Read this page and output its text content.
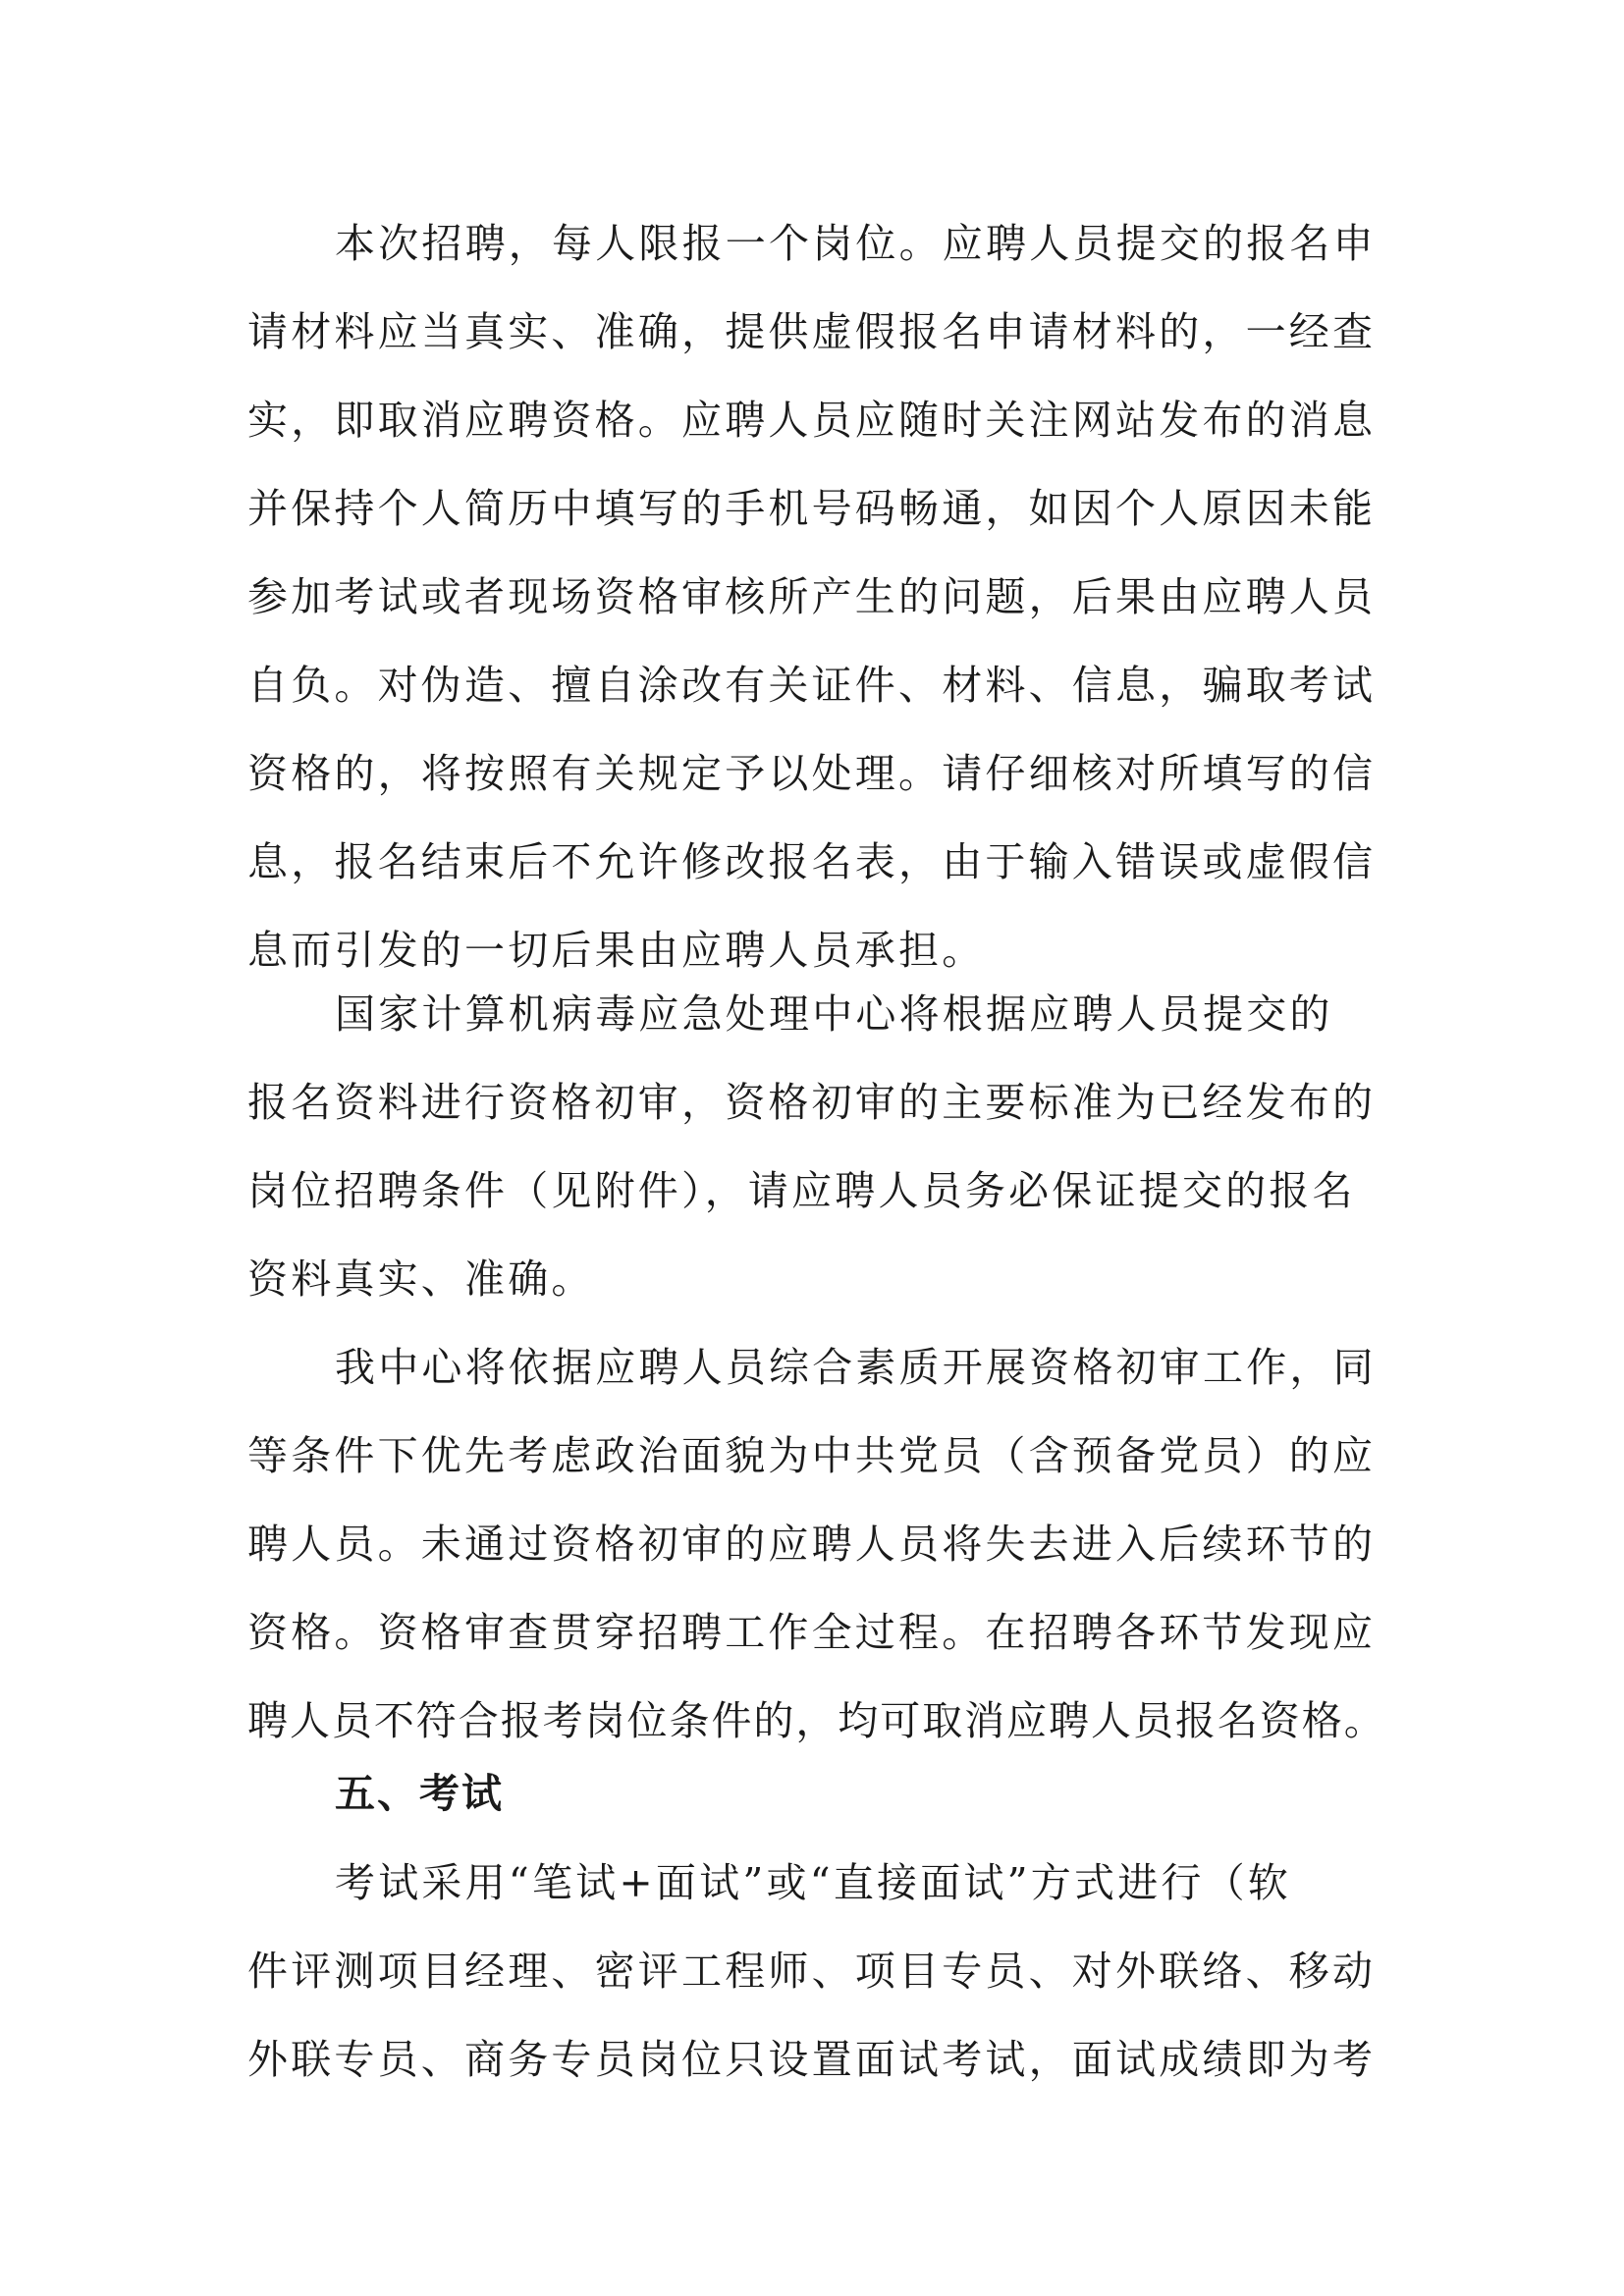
本次招聘，每人限报一个岗位。应聘人员提交的报名申
请材料应当真实、准确，提供虚假报名申请材料的，一经查
实，即取消应聘资格。应聘人员应随时关注网站发布的消息
并保持个人简历中填写的手机号码畅通，如因个人原因未能
参加考试或者现场资格审核所产生的问题，后果由应聘人员
自负。对伪造、擅自涂改有关证件、材料、信息，骗取考试
资格的，将按照有关规定予以处理。请仔细核对所填写的信
息，报名结束后不允许修改报名表，由于输入错误或虚假信
息而引发的一切后果由应聘人员承担。
国家计算机病毒应急处理中心将根据应聘人员提交的
报名资料进行资格初审，资格初审的主要标准为已经发布的
岗位招聘条件（见附件），请应聘人员务必保证提交的报名
资料真实、准确。
我中心将依据应聘人员综合素质开展资格初审工作，同
等条件下优先考虑政治面貌为中共党员（含预备党员）的应
聘人员。未通过资格初审的应聘人员将失去进入后续环节的
资格。资格审查贯穿招聘工作全过程。在招聘各环节发现应
聘人员不符合报考岗位条件的，均可取消应聘人员报名资格。
五、考试
考试采用“笔试+面试”或“直接面试”方式进行（软
件评测项目经理、密评工程师、项目专员、对外联络、移动
外联专员、商务专员岗位只设置面试考试，面试成绩即为考
